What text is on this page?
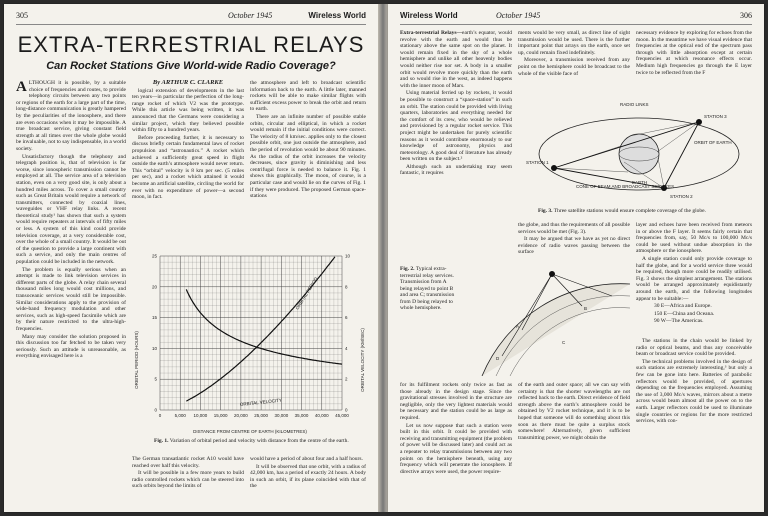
305	October 1945	Wireless World
EXTRA-TERRESTRIAL RELAYS
Can Rocket Stations Give World-wide Radio Coverage?

ALTHOUGH it is possible, by a suitable choice of frequencies and routes, to provide telephony circuits between any two points or regions of the earth for a large part of the time, long-distance communication is greatly hampered by the peculiarities of the ionosphere, and there are even occasions when it may be impossible. A true broadcast service, giving constant field strength at all times over the whole globe would be invaluable, not to say indispensable, in a world society.

Unsatisfactory though the telephony and telegraph position is, that of television is far worse, since ionospheric transmission cannot be employed at all. The service area of a television station, even on a very good site, is only about a hundred miles across. To cover a small country such as Great Britain would require a network of transmitters, connected by coaxial lines, waveguides or VHF relay links. A recent theoretical study¹ has shown that such a system would require repeaters at intervals of fifty miles or less. A system of this kind could provide television coverage, at a very considerable cost, over the whole of a small country. It would be out of the question to provide a large continent with such a service, and only the main centres of population could be included in the network.

The problem is equally serious when an attempt is made to link television services in different parts of the globe. A relay chain several thousand miles long would cost millions, and transoceanic services would still be impossible. Similar considerations apply to the provision of wide-band frequency modulation and other services, such as high-speed facsimile which are by their nature restricted to the ultra-high-frequencies.

Many may consider the solution proposed in this discussion too far fetched to be taken very seriously. Such an attitude is unreasonable, as everything envisaged here is a

By ARTHUR C. CLARKE

logical extension of developments in the last ten years—in particular the perfection of the long-range rocket of which V2 was the prototype. While this article was being written, it was announced that the Germans were considering a similar project, which they believed possible within fifty to a hundred years.

Before proceeding further, it is necessary to discuss briefly certain fundamental laws of rocket propulsion and “astronautics.” A rocket which achieved a sufficiently great speed in flight outside the earth’s atmosphere would never return. This “orbital” velocity is 8 km per sec. (5 miles per sec), and a rocket which attained it would become an artificial satellite, circling the world for ever with no expenditure of power—a second moon, in fact.

the atmosphere and left to broadcast scientific information back to the earth. A little later, manned rockets will be able to make similar flights with sufficient excess power to break the orbit and return to earth.

There are an infinite number of possible stable orbits, circular and elliptical, in which a rocket would remain if the initial conditions were correct. The velocity of 8 km/sec. applies only to the closest possible orbit, one just outside the atmosphere, and the period of revolution would be about 90 minutes. As the radius of the orbit increases the velocity decreases, since gravity is diminishing and less centrifugal force is needed to balance it. Fig. 1 shows this graphically. The moon, of course, is a particular case and would lie on the curves of Fig. 1 if they were produced. The proposed German space-stations

0	5,000 10,000 15,000 20,000 25,000 30,000 35,000 40,000 45,000
0
5
10
15
20
25
0
2
4
6
8
10
ORBITAL PERIOD
ORBITAL VELOCITY
ORBITAL PERIOD (HOURS)	ORBITAL VELOCITY (KM/SEC)
DISTANCE FROM CENTRE OF EARTH (KILOMETRES)
Fig. 1. Variation of orbital period and velocity with distance from the centre of the earth.

The German transatlantic rocket A10 would have reached over half this velocity.

It will be possible in a few more years to build radio controlled rockets which can be steered into such orbits beyond the limits of

would have a period of about four and a half hours.

It will be observed that one orbit, with a radius of 42,000 km, has a period of exactly 24 hours. A body in such an orbit, if its plane coincided with that of the

Wireless World	October 1945	306

Extra-terrestrial Relays—earth’s equator, would revolve with the earth and would thus be stationary above the same spot on the planet. It would remain fixed in the sky of a whole hemisphere and unlike all other heavenly bodies would neither rise nor set. A body in a smaller orbit would revolve more quickly than the earth and so would rise in the west, as indeed happens with the inner moon of Mars.

Using material ferried up by rockets, it would be possible to construct a “space-station” in such an orbit. The station could be provided with living quarters, laboratories and everything needed for the comfort of its crew, who would be relieved and provisioned by a regular rocket service. This project might be undertaken for purely scientific reasons as it would contribute enormously to our knowledge of astronomy, physics and meteorology. A good deal of literature has already been written on the subject.²

Although such an undertaking may seem fantastic, it requires

ments would be very small, as direct line of sight transmission would be used. There is the further important point that arrays on the earth, once set up, could remain fixed indefinitely.

Moreover, a transmission received from any point on the hemisphere could be broadcast to the whole of the visible face of

necessary evidence by exploring for echoes from the moon. In the meantime we have visual evidence that frequencies at the optical end of the spectrum pass through with little absorption except at certain frequencies at which resonance effects occur. Medium high frequencies go through the E layer twice to be reflected from the F

RADIO LINKS
STATION 3
STATION 1
STATION 2
ORBIT OF EARTH
CONE OF BEAM AND BROADCAST SERVICES
EARTH
Fig. 3. Three satellite stations would ensure complete coverage of the globe.

the globe, and thus the requirements of all possible services would be met (Fig. 3).

It may be argued that we have as yet no direct evidence of radio waves passing between the surface

layer and echoes have been received from meteors in or above the F layer. It seems fairly certain that frequencies from, say, 50 Mc/s to 100,000 Mc/s could be used without undue absorption in the atmosphere or the ionosphere.

A single station could only provide coverage to half the globe, and for a world service three would be required, though more could be readily utilised. Fig. 3 shows the simplest arrangement. The stations would be arranged approximately equidistantly around the earth, and the following longitudes appear to be suitable:—

30 E—Africa and Europe.

150 E—China and Oceana.

90 W—The Americas.

Fig. 2. Typical extra-terrestrial relay services. Transmission from A being relayed to point B and area C; transmission from D being relayed to whole hemisphere.
A
B
C
D

for its fulfilment rockets only twice as fast as those already in the design stage. Since the gravitational stresses involved in the structure are negligible, only the very lightest materials would be necessary and the station could be as large as required.

Let us now suppose that such a station were built in this orbit. It could be provided with receiving and transmitting equipment (the problem of power will be discussed later) and could act as a repeater to relay transmissions between any two points on the hemisphere beneath, using any frequency which will penetrate the ionosphere. If directive arrays were used, the power require-

of the earth and outer space; all we can say with certainty is that the shorter wavelengths are not reflected back to the earth. Direct evidence of field strength above the earth’s atmosphere could be obtained by V2 rocket technique, and it is to be hoped that someone will do something about this soon as there must be quite a surplus stock somewhere! Alternatively, given sufficient transmitting power, we might obtain the

The stations in the chain would be linked by radio or optical beams, and thus any conceivable beam or broadcast service could be provided.

The technical problems involved in the design of such stations are extremely interesting,³ but only a few can be gone into here. Batteries of parabolic reflectors would be provided, of apertures depending on the frequencies employed. Assuming the use of 3,000 Mc/s waves, mirrors about a metre across would beam almost all the power on to the earth. Larger reflectors could be used to illuminate single countries or regions for the more restricted services, with con-
